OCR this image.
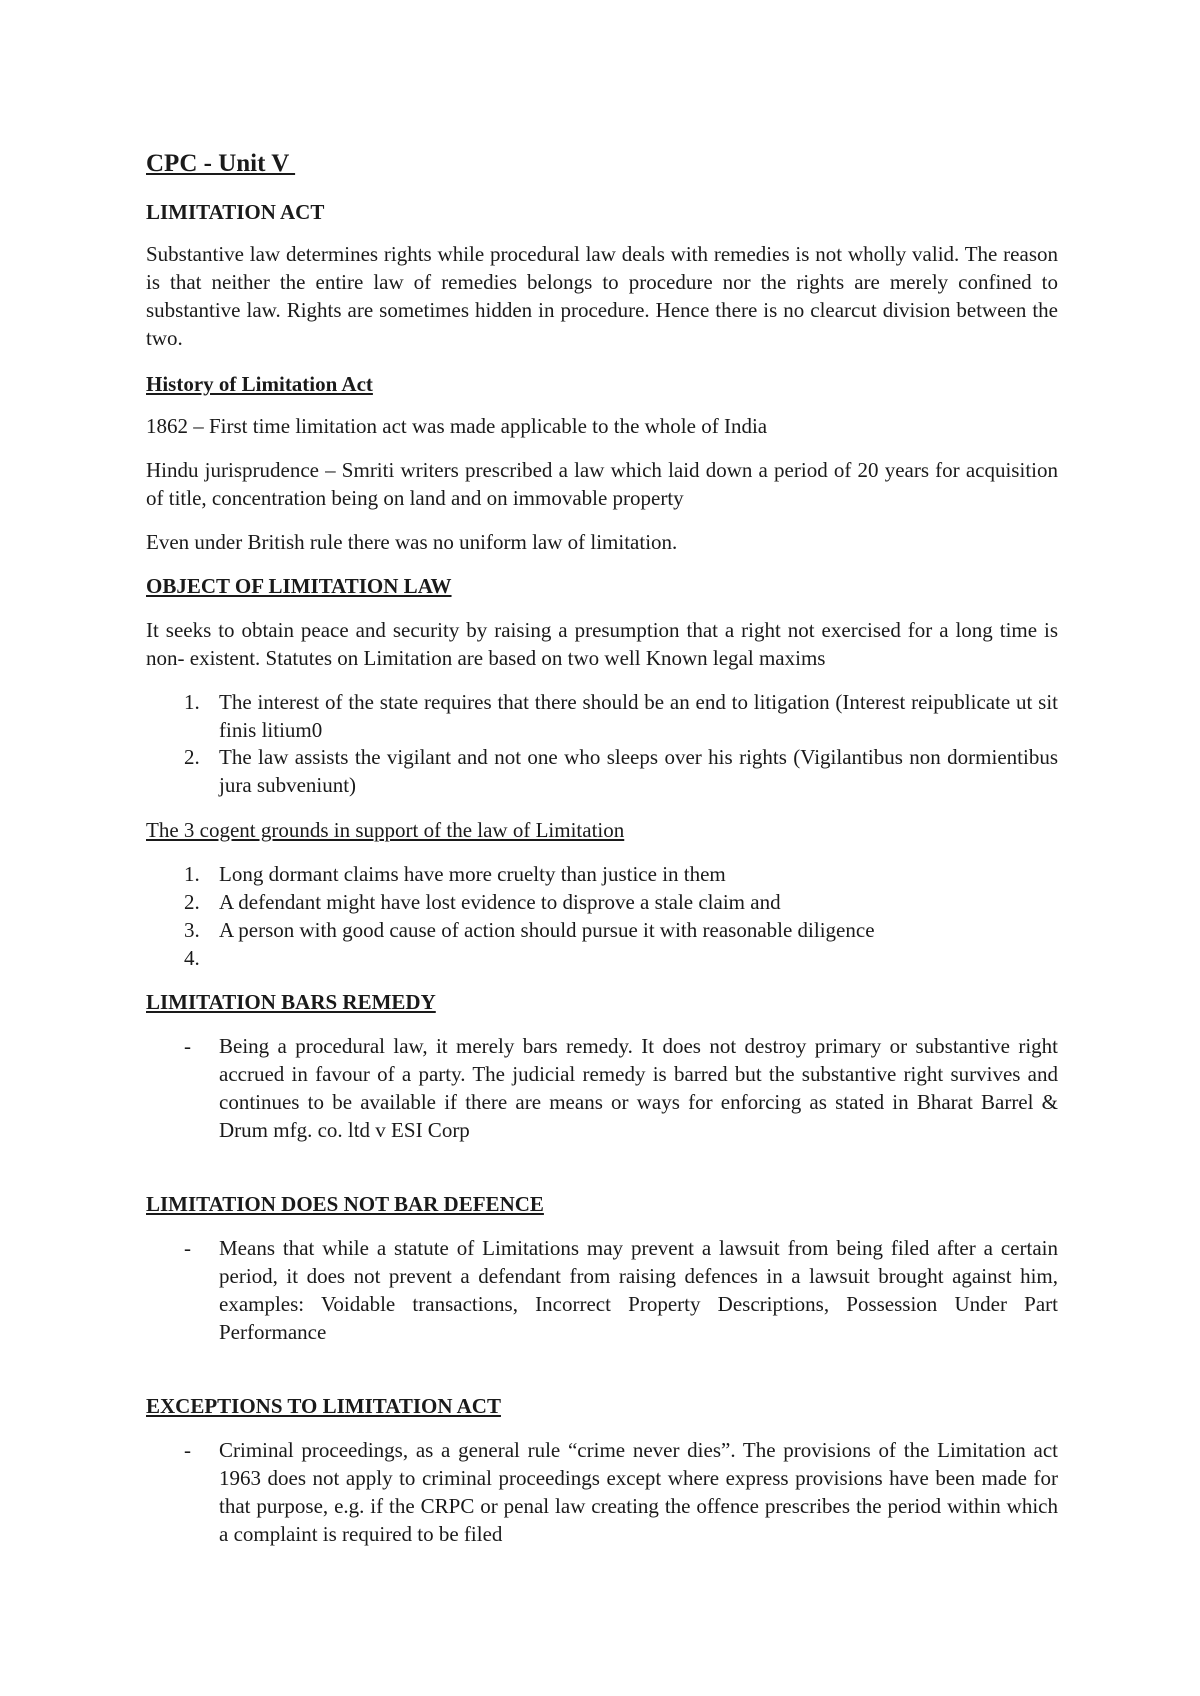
CPC - Unit V
LIMITATION ACT

Substantive law determines rights while procedural law deals with remedies is not wholly valid. The reason is that neither the entire law of remedies belongs to procedure nor the rights are merely confined to substantive law. Rights are sometimes hidden in procedure. Hence there is no clearcut division between the two.

History of Limitation Act

1862 – First time limitation act was made applicable to the whole of India

Hindu jurisprudence – Smriti writers prescribed a law which laid down a period of 20 years for acquisition of title, concentration being on land and on immovable property

Even under British rule there was no uniform law of limitation.

OBJECT OF LIMITATION LAW

It seeks to obtain peace and security by raising a presumption that a right not exercised for a long time is non- existent. Statutes on Limitation are based on two well Known legal maxims

1. The interest of the state requires that there should be an end to litigation (Interest reipublicate ut sit finis litium0
2. The law assists the vigilant and not one who sleeps over his rights (Vigilantibus non dormientibus jura subveniunt)

The 3 cogent grounds in support of the law of Limitation

1. Long dormant claims have more cruelty than justice in them
2. A defendant might have lost evidence to disprove a stale claim and
3. A person with good cause of action should pursue it with reasonable diligence
4.
LIMITATION BARS REMEDY
-	Being a procedural law, it merely bars remedy. It does not destroy primary or substantive right accrued in favour of a party. The judicial remedy is barred but the substantive right survives and continues to be available if there are means or ways for enforcing as stated in Bharat Barrel & Drum mfg. co. ltd v ESI Corp
LIMITATION DOES NOT BAR DEFENCE
-	Means that while a statute of Limitations may prevent a lawsuit from being filed after a certain period, it does not prevent a defendant from raising defences in a lawsuit brought against him, examples: Voidable transactions, Incorrect Property Descriptions, Possession Under Part Performance
EXCEPTIONS TO LIMITATION ACT
-	Criminal proceedings, as a general rule “crime never dies”. The provisions of the Limitation act 1963 does not apply to criminal proceedings except where express provisions have been made for that purpose, e.g. if the CRPC or penal law creating the offence prescribes the period within which a complaint is required to be filed
